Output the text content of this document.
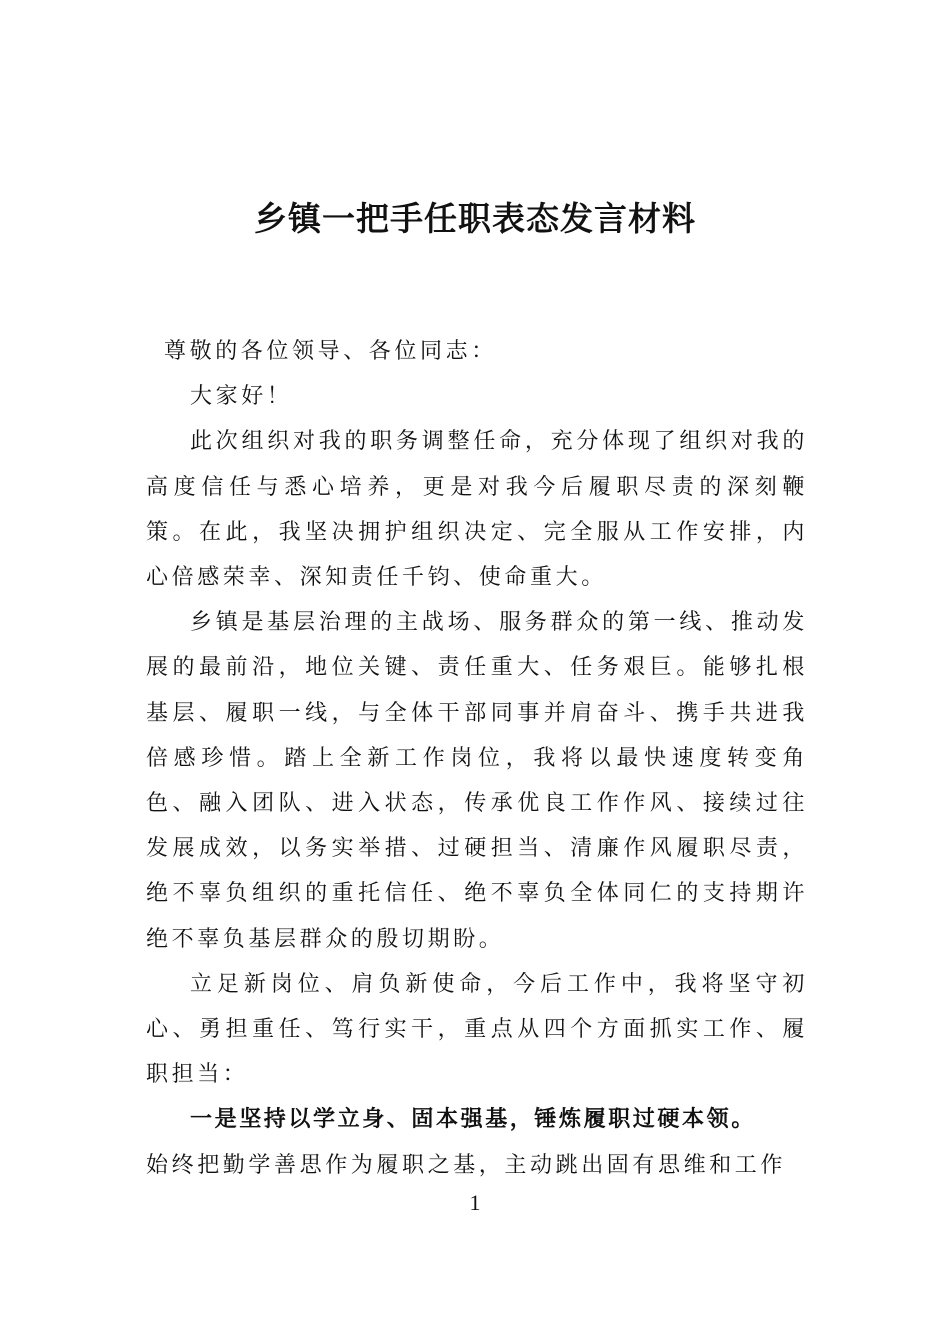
乡镇一把手任职表态发言材料

尊敬的各位领导、各位同志：

大家好！

此次组织对我的职务调整任命，充分体现了组织对我的高度信任与悉心培养，更是对我今后履职尽责的深刻鞭策。在此，我坚决拥护组织决定、完全服从工作安排，内心倍感荣幸、深知责任千钧、使命重大。

乡镇是基层治理的主战场、服务群众的第一线、推动发展的最前沿，地位关键、责任重大、任务艰巨。能够扎根基层、履职一线，与全体干部同事并肩奋斗、携手共进我倍感珍惜。踏上全新工作岗位，我将以最快速度转变角色、融入团队、进入状态，传承优良工作作风、接续过往发展成效，以务实举措、过硬担当、清廉作风履职尽责，绝不辜负组织的重托信任、绝不辜负全体同仁的支持期许绝不辜负基层群众的殷切期盼。

立足新岗位、肩负新使命，今后工作中，我将坚守初心、勇担重任、笃行实干，重点从四个方面抓实工作、履职担当：

一是坚持以学立身、固本强基，锤炼履职过硬本领。

始终把勤学善思作为履职之基，主动跳出固有思维和工作

1
